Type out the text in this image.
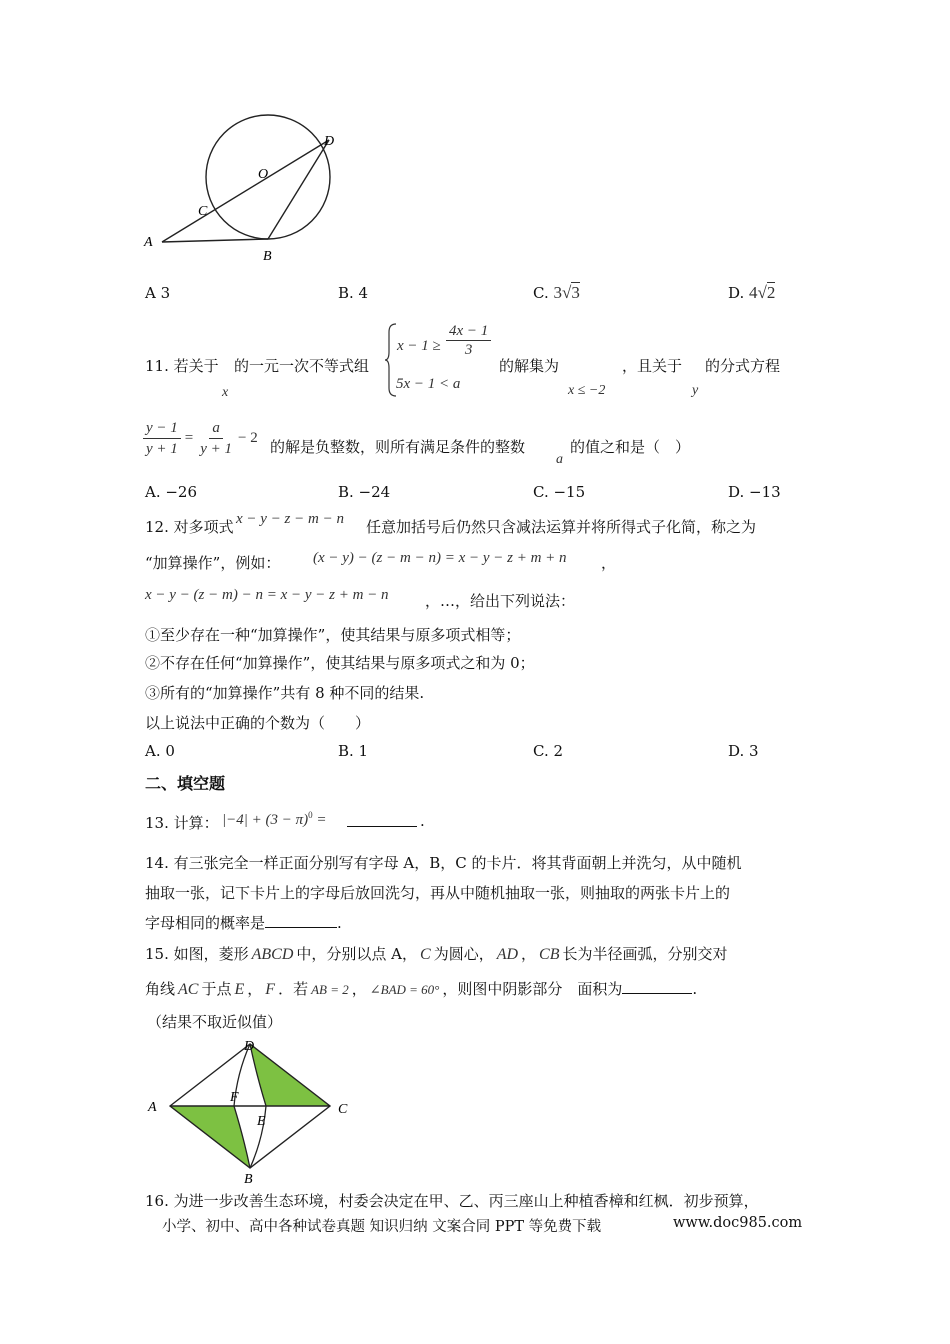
A
B
C
D
O
A 3	B. 4	C. 3√3	D. 4√2
11. 若关于
x
的一元一次不等式组
$x - 1 \ge \frac{4x - 1}{3}$
5x − 1 < a
的解集为
x ≤ −2
，且关于
y
的分式方程
$\frac{y - 1}{y + 1} = \frac{a}{y + 1} - 2$ 的解是负整数，则所有满足条件的整数
a
的值之和是（　）
A. −26	B. −24	C. −15	D. −13
12. 对多项式 x − y − z − m − n 任意加括号后仍然只含减法运算并将所得式子化简，称之为
“加算操作”，例如： (x − y) − (z − m − n) = x − y − z + m + n ，
x − y − (z − m) − n = x − y − z + m − n ，…，给出下列说法：
①至少存在一种“加算操作”，使其结果与原多项式相等；
②不存在任何“加算操作”，使其结果与原多项式之和为 0；
③所有的“加算操作”共有 8 种不同的结果.
以上说法中正确的个数为（　　）
A. 0	B. 1	C. 2	D. 3
二、填空题
13. 计算： $|-4| + (3 - \pi)^0$ =	.
14. 有三张完全一样正面分别写有字母 A，B，C 的卡片．将其背面朝上并洗匀，从中随机
抽取一张，记下卡片上的字母后放回洗匀，再从中随机抽取一张，则抽取的两张卡片上的
字母相同的概率是	.
15. 如图，菱形 ABCD 中，分别以点 A， C 为圆心， AD ， CB 长为半径画弧，分别交对
角线 AC 于点 E ， F ．若 AB = 2 ， ∠BAD = 60° ，则图中阴影部分　面积为	.
（结果不取近似值）
A
B
C
D
E
F
16. 为进一步改善生态环境，村委会决定在甲、乙、丙三座山上种植香樟和红枫．初步预算，
小学、初中、高中各种试卷真题 知识归纳 文案合同 PPT 等免费下载	www.doc985.com
